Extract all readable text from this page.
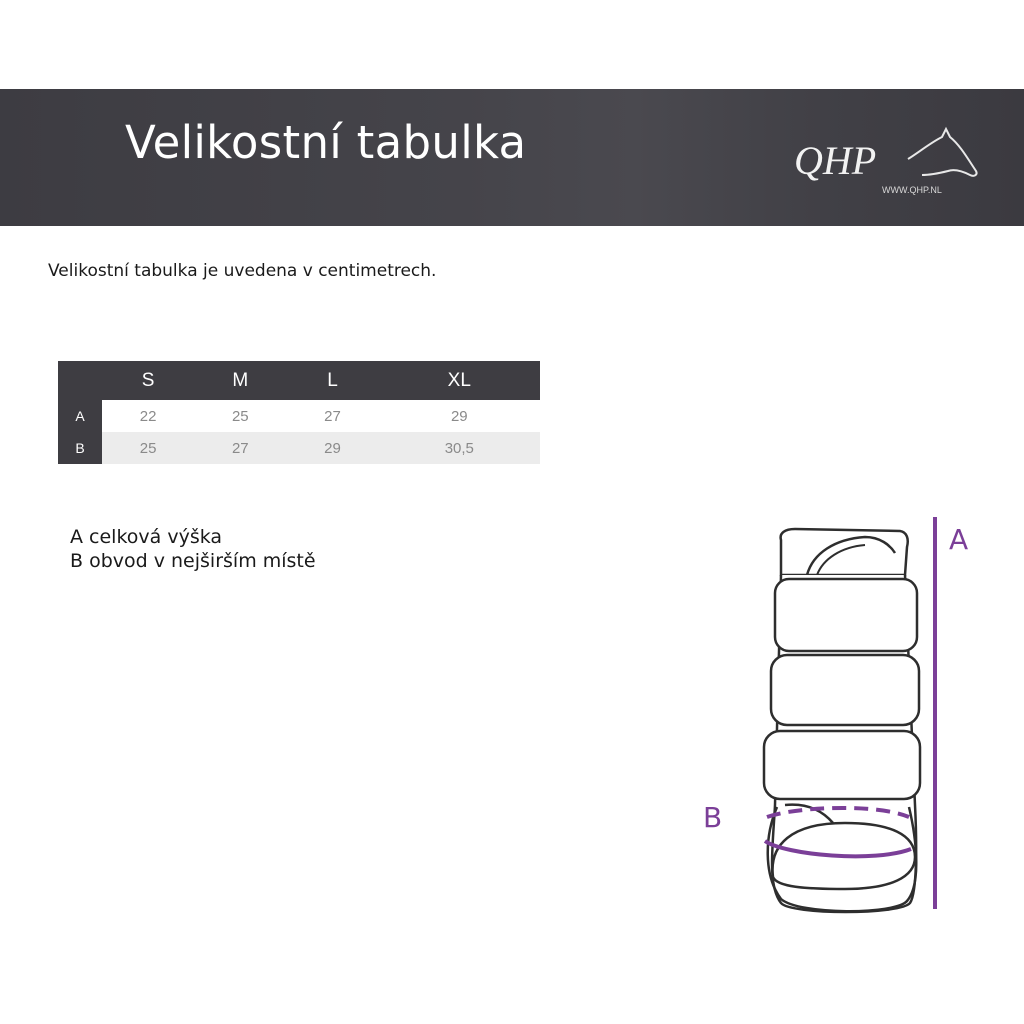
Velikostní tabulka	QHP
WWW.QHP.NL
Velikostní tabulka je uvedena v centimetrech.
	S	M	L	XL
A	22	25	27	29
B	25	27	29	30,5
A celková výška
B obvod v nejširším místě
A
B
